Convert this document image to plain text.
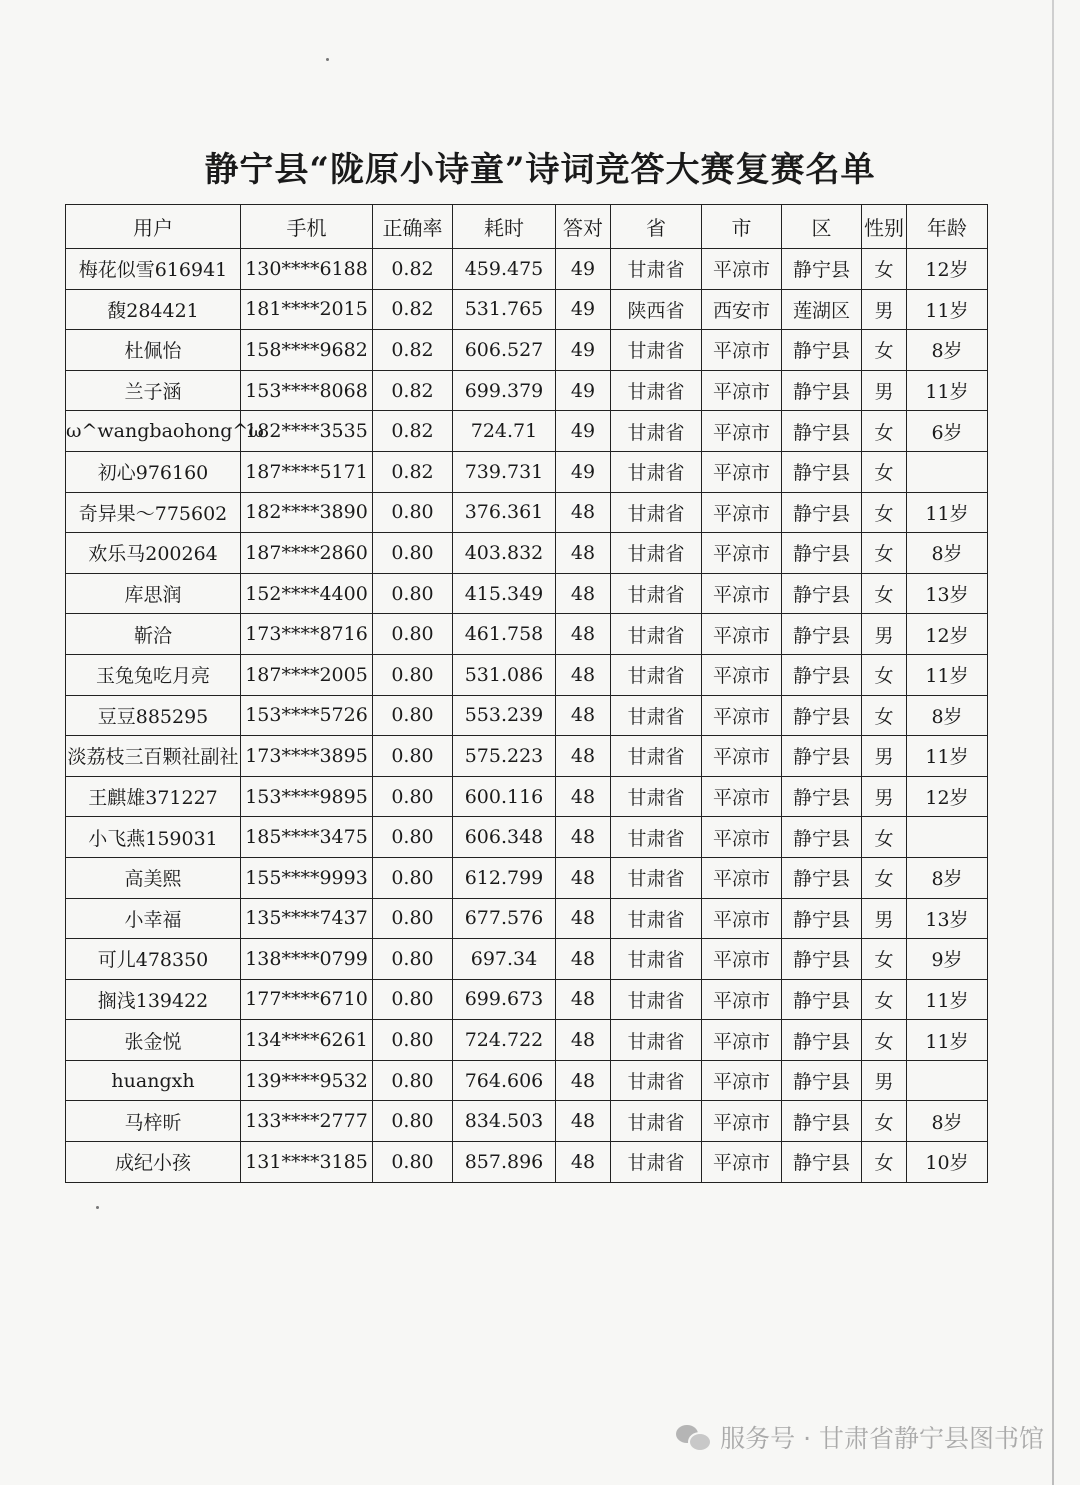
静宁县“陇原小诗童”诗词竞答大赛复赛名单
用户	手机	正确率	耗时	答对	省	市	区	性别	年龄
梅花似雪616941	130****6188	0.82	459.475	49	甘肃省	平凉市	静宁县	女	12岁
馥284421	181****2015	0.82	531.765	49	陕西省	西安市	莲湖区	男	11岁
杜佩怡	158****9682	0.82	606.527	49	甘肃省	平凉市	静宁县	女	8岁
兰子涵	153****8068	0.82	699.379	49	甘肃省	平凉市	静宁县	男	11岁
ω^wangbaohong^ω	182****3535	0.82	724.71	49	甘肃省	平凉市	静宁县	女	6岁
初心976160	187****5171	0.82	739.731	49	甘肃省	平凉市	静宁县	女	
奇异果～775602	182****3890	0.80	376.361	48	甘肃省	平凉市	静宁县	女	11岁
欢乐马200264	187****2860	0.80	403.832	48	甘肃省	平凉市	静宁县	女	8岁
库思润	152****4400	0.80	415.349	48	甘肃省	平凉市	静宁县	女	13岁
靳洽	173****8716	0.80	461.758	48	甘肃省	平凉市	静宁县	男	12岁
玉兔兔吃月亮	187****2005	0.80	531.086	48	甘肃省	平凉市	静宁县	女	11岁
豆豆885295	153****5726	0.80	553.239	48	甘肃省	平凉市	静宁县	女	8岁
淡荔枝三百颗社副社	173****3895	0.80	575.223	48	甘肃省	平凉市	静宁县	男	11岁
王麒雄371227	153****9895	0.80	600.116	48	甘肃省	平凉市	静宁县	男	12岁
小飞燕159031	185****3475	0.80	606.348	48	甘肃省	平凉市	静宁县	女	
高美熙	155****9993	0.80	612.799	48	甘肃省	平凉市	静宁县	女	8岁
小幸福	135****7437	0.80	677.576	48	甘肃省	平凉市	静宁县	男	13岁
可儿478350	138****0799	0.80	697.34	48	甘肃省	平凉市	静宁县	女	9岁
搁浅139422	177****6710	0.80	699.673	48	甘肃省	平凉市	静宁县	女	11岁
张金悦	134****6261	0.80	724.722	48	甘肃省	平凉市	静宁县	女	11岁
huangxh	139****9532	0.80	764.606	48	甘肃省	平凉市	静宁县	男	
马梓昕	133****2777	0.80	834.503	48	甘肃省	平凉市	静宁县	女	8岁
成纪小孩	131****3185	0.80	857.896	48	甘肃省	平凉市	静宁县	女	10岁
服务号 · 甘肃省静宁县图书馆
